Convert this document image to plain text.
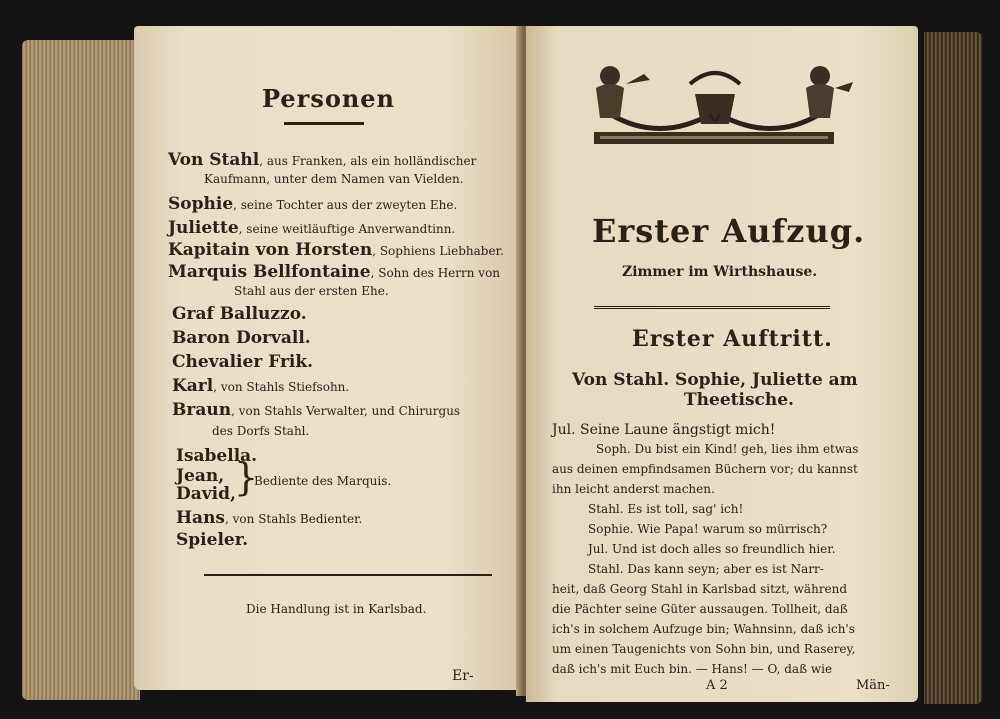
Personen
Von Stahl, aus Franken, als ein holländischer
Kaufmann, unter dem Namen van Vielden.
Sophie, seine Tochter aus der zweyten Ehe.
Juliette, seine weitläuftige Anverwandtinn.
Kapitain von Horsten, Sophiens Liebhaber.
Marquis Bellfontaine, Sohn des Herrn von
Stahl aus der ersten Ehe.
Graf Balluzzo.
Baron Dorvall.
Chevalier Frik.
Karl, von Stahls Stiefsohn.
Braun, von Stahls Verwalter, und Chirurgus
des Dorfs Stahl.
Isabella.
Jean,
David,
}
Bediente des Marquis.
Hans, von Stahls Bedienter.
Spieler.
Die Handlung ist in Karlsbad.
Er-
Erster Aufzug.
Zimmer im Wirthshause.
Erster Auftritt.
Von Stahl. Sophie, Juliette am
Theetische.
Jul. Seine Laune ängstigt mich!
Soph. Du bist ein Kind! geh, lies ihm etwas
aus deinen empfindsamen Büchern vor; du kannst
ihn leicht anderst machen.
Stahl. Es ist toll, sag' ich!
Sophie. Wie Papa! warum so mürrisch?
Jul. Und ist doch alles so freundlich hier.
Stahl. Das kann seyn; aber es ist Narr-
heit, daß Georg Stahl in Karlsbad sitzt, während
die Pächter seine Güter aussaugen. Tollheit, daß
ich's in solchem Aufzuge bin; Wahnsinn, daß ich's
um einen Taugenichts von Sohn bin, und Raserey,
daß ich's mit Euch bin. — Hans! — O, daß wie
A 2	Män-
